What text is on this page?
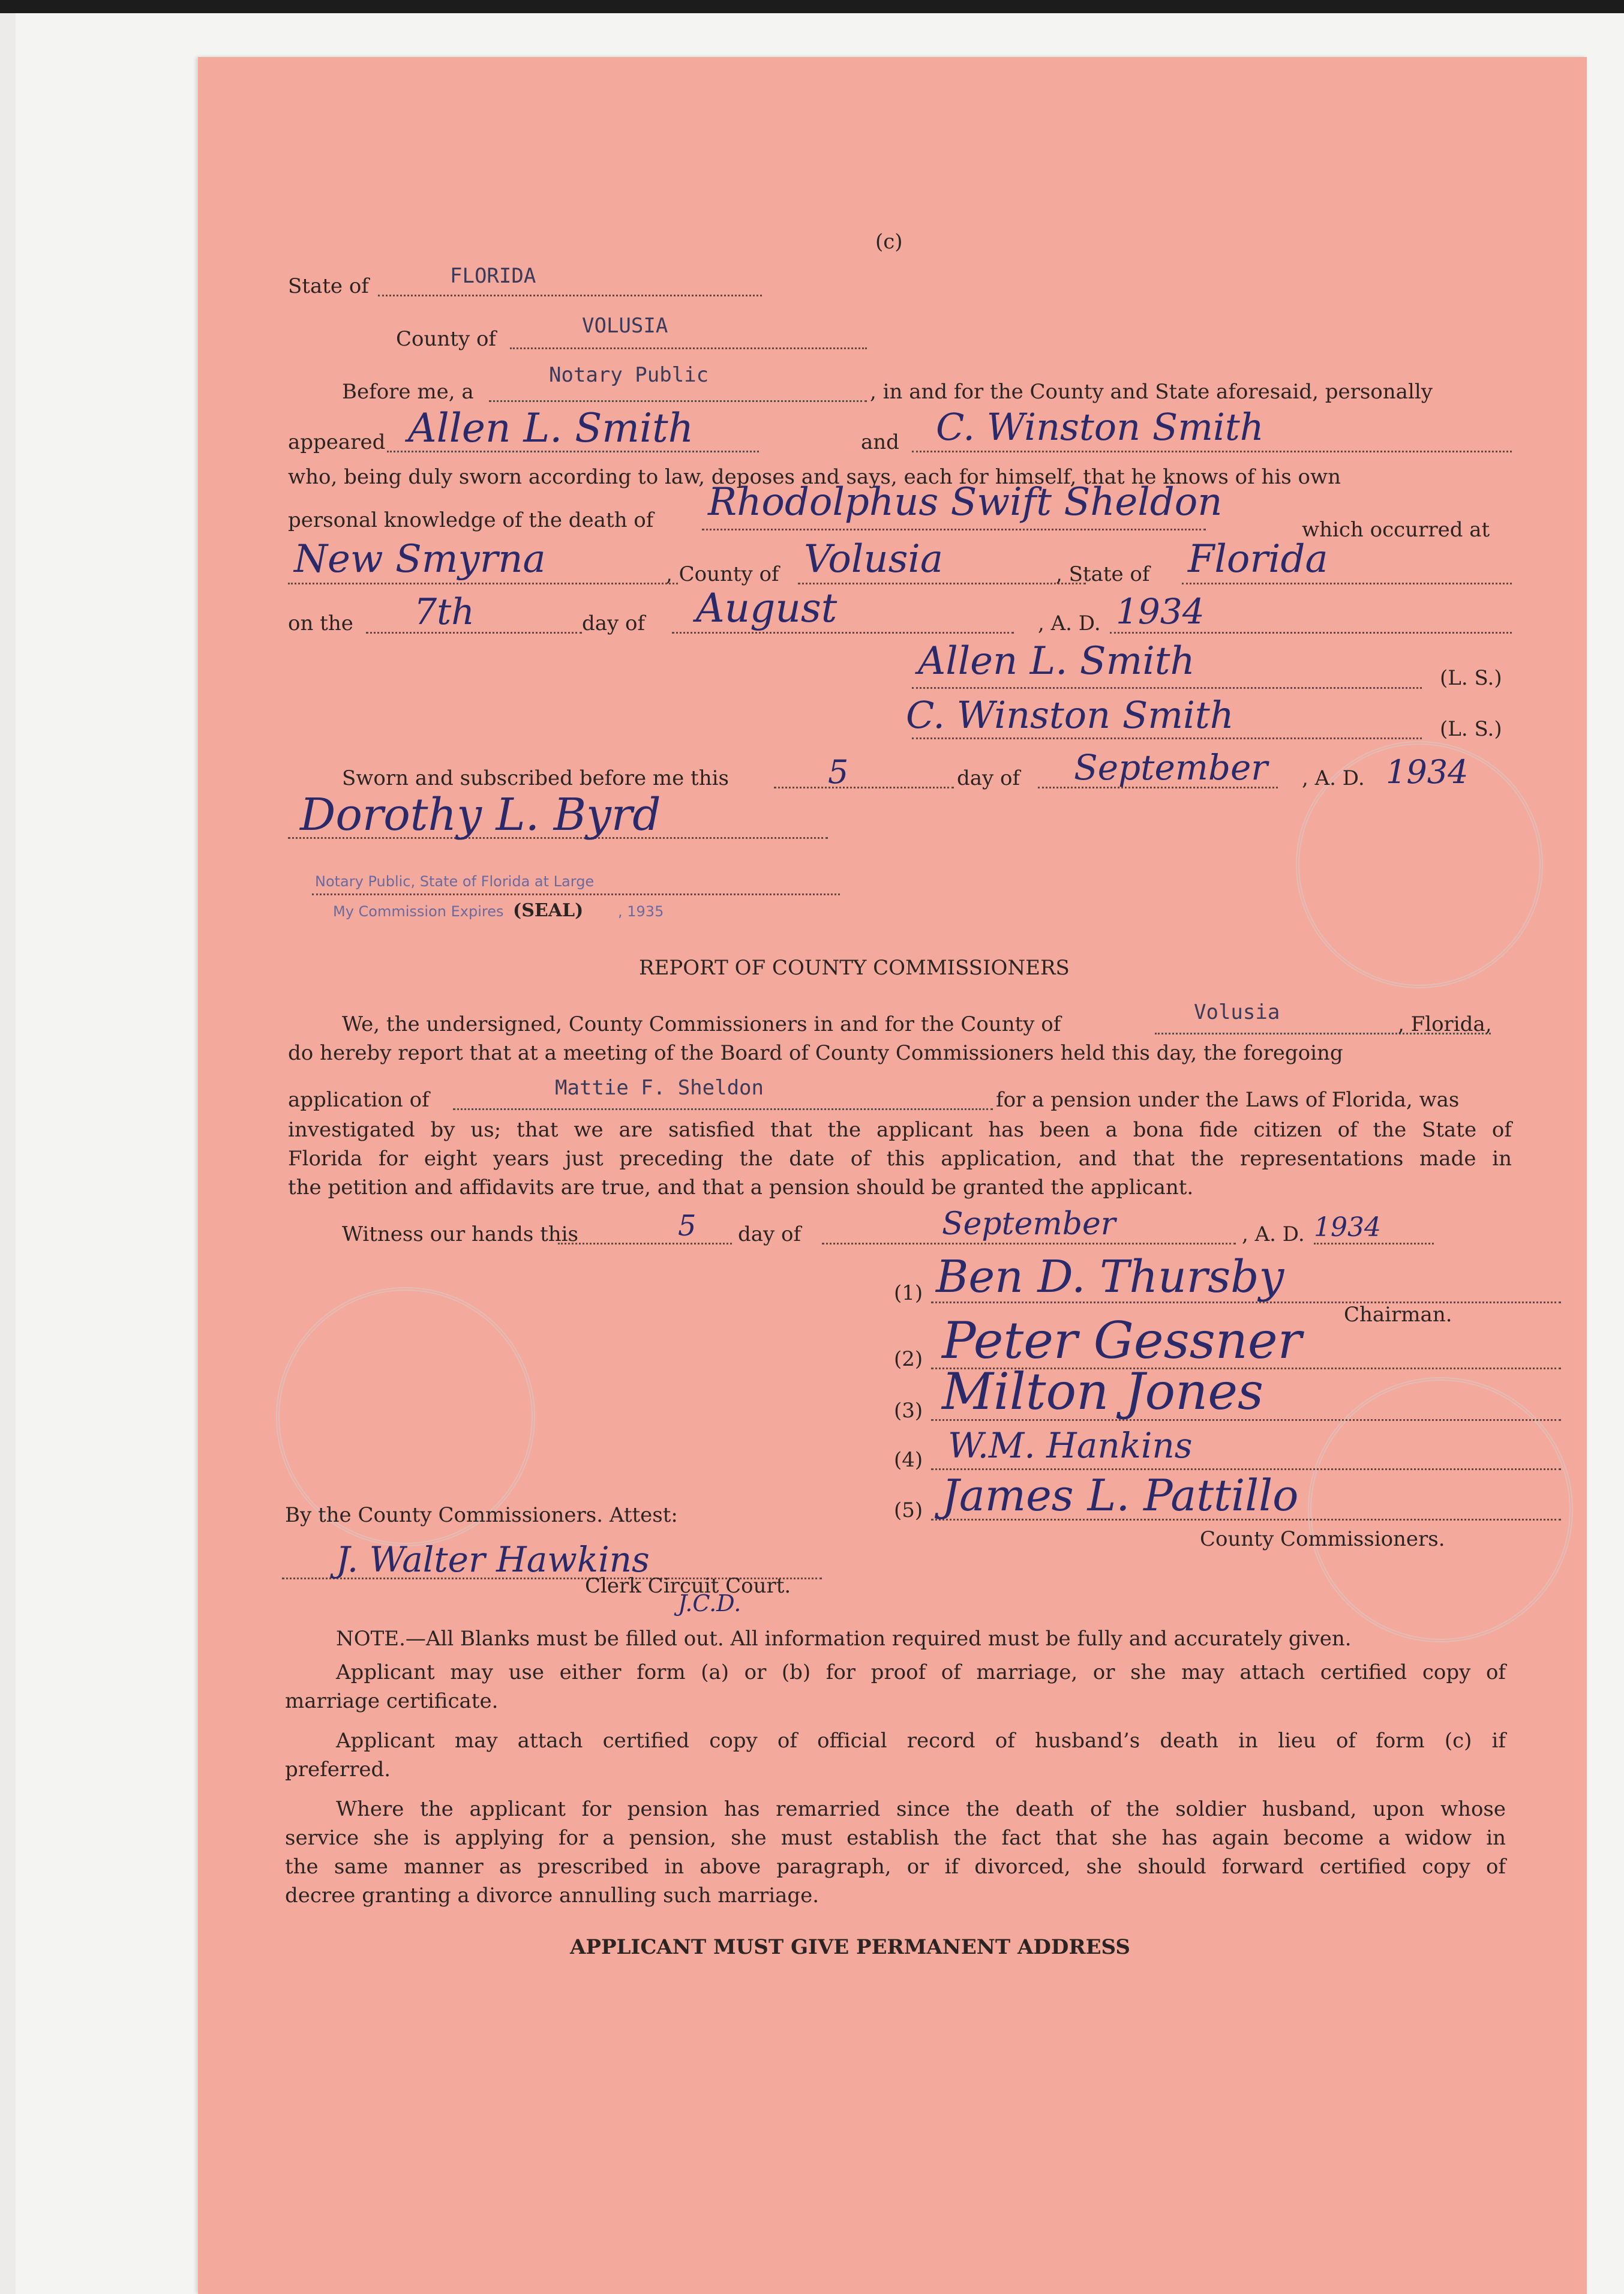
(c)
State of	FLORIDA
County of
VOLUSIA
Before me, a
Notary Public
, in and for the County and State aforesaid, personally
appeared Allen L. Smith	and C. Winston Smith
who, being duly sworn according to law, deposes and says, each for himself, that he knows of his own
personal knowledge of the death of Rhodolphus Swift Sheldon
which occurred at
New Smyrna	, County of Volusia	, State of Florida
on the 7th	day of August	, A. D. 1934
Allen L. Smith	(L. S.)
C. Winston Smith	(L. S.)
Sworn and subscribed before me this	5	day of September , A. D. 1934
Dorothy L. Byrd
Notary Public, State of Florida at Large
My Commission Expires (SEAL) , 1935
REPORT OF COUNTY COMMISSIONERS
We, the undersigned, County Commissioners in and for the County of	Volusia	, Florida,
do hereby report that at a meeting of the Board of County Commissioners held this day, the foregoing
application of	Mattie F. Sheldon	for a pension under the Laws of Florida, was
investigated by us; that we are satisfied that the applicant has been a bona fide citizen of the State of
Florida for eight years just preceding the date of this application, and that the representations made in
the petition and affidavits are true, and that a pension should be granted the applicant.
Witness our hands this	5 day of	September	, A. D. 1934
(1) Ben D. Thursby
Chairman.
(2) Peter Gessner
(3) Milton Jones
(4) W.M. Hankins
(5) James L. Pattillo
County Commissioners.
By the County Commissioners. Attest:
J. Walter Hawkins
J.C.D.
Clerk Circuit Court.
NOTE.—All Blanks must be filled out. All information required must be fully and accurately given.
Applicant may use either form (a) or (b) for proof of marriage, or she may attach certified copy of
marriage certificate.
Applicant may attach certified copy of official record of husband’s death in lieu of form (c) if
preferred.
Where the applicant for pension has remarried since the death of the soldier husband, upon whose
service she is applying for a pension, she must establish the fact that she has again become a widow in
the same manner as prescribed in above paragraph, or if divorced, she should forward certified copy of
decree granting a divorce annulling such marriage.
APPLICANT MUST GIVE PERMANENT ADDRESS
